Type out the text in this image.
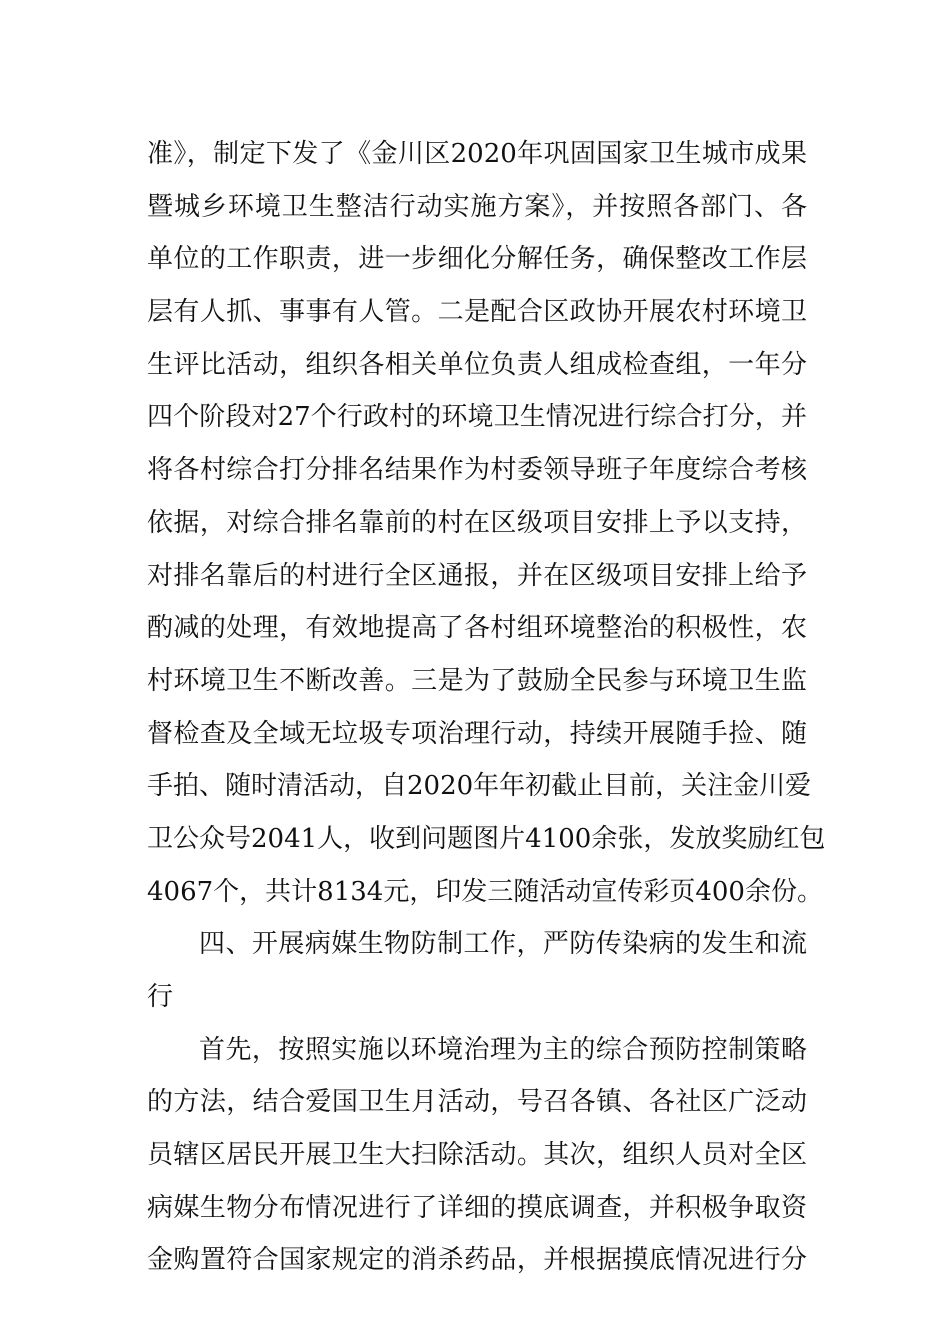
准》，制定下发了《金川区2020年巩固国家卫生城市成果
暨城乡环境卫生整洁行动实施方案》，并按照各部门、各
单位的工作职责，进一步细化分解任务，确保整改工作层
层有人抓、事事有人管。二是配合区政协开展农村环境卫
生评比活动，组织各相关单位负责人组成检查组，一年分
四个阶段对27个行政村的环境卫生情况进行综合打分，并
将各村综合打分排名结果作为村委领导班子年度综合考核
依据，对综合排名靠前的村在区级项目安排上予以支持，
对排名靠后的村进行全区通报，并在区级项目安排上给予
酌减的处理，有效地提高了各村组环境整治的积极性，农
村环境卫生不断改善。三是为了鼓励全民参与环境卫生监
督检查及全域无垃圾专项治理行动，持续开展随手捡、随
手拍、随时清活动，自2020年年初截止目前，关注金川爱
卫公众号2041人，收到问题图片4100余张，发放奖励红包
4067个，共计8134元，印发三随活动宣传彩页400余份。
四、开展病媒生物防制工作，严防传染病的发生和流
行
首先，按照实施以环境治理为主的综合预防控制策略
的方法，结合爱国卫生月活动，号召各镇、各社区广泛动
员辖区居民开展卫生大扫除活动。其次，组织人员对全区
病媒生物分布情况进行了详细的摸底调查，并积极争取资
金购置符合国家规定的消杀药品，并根据摸底情况进行分
